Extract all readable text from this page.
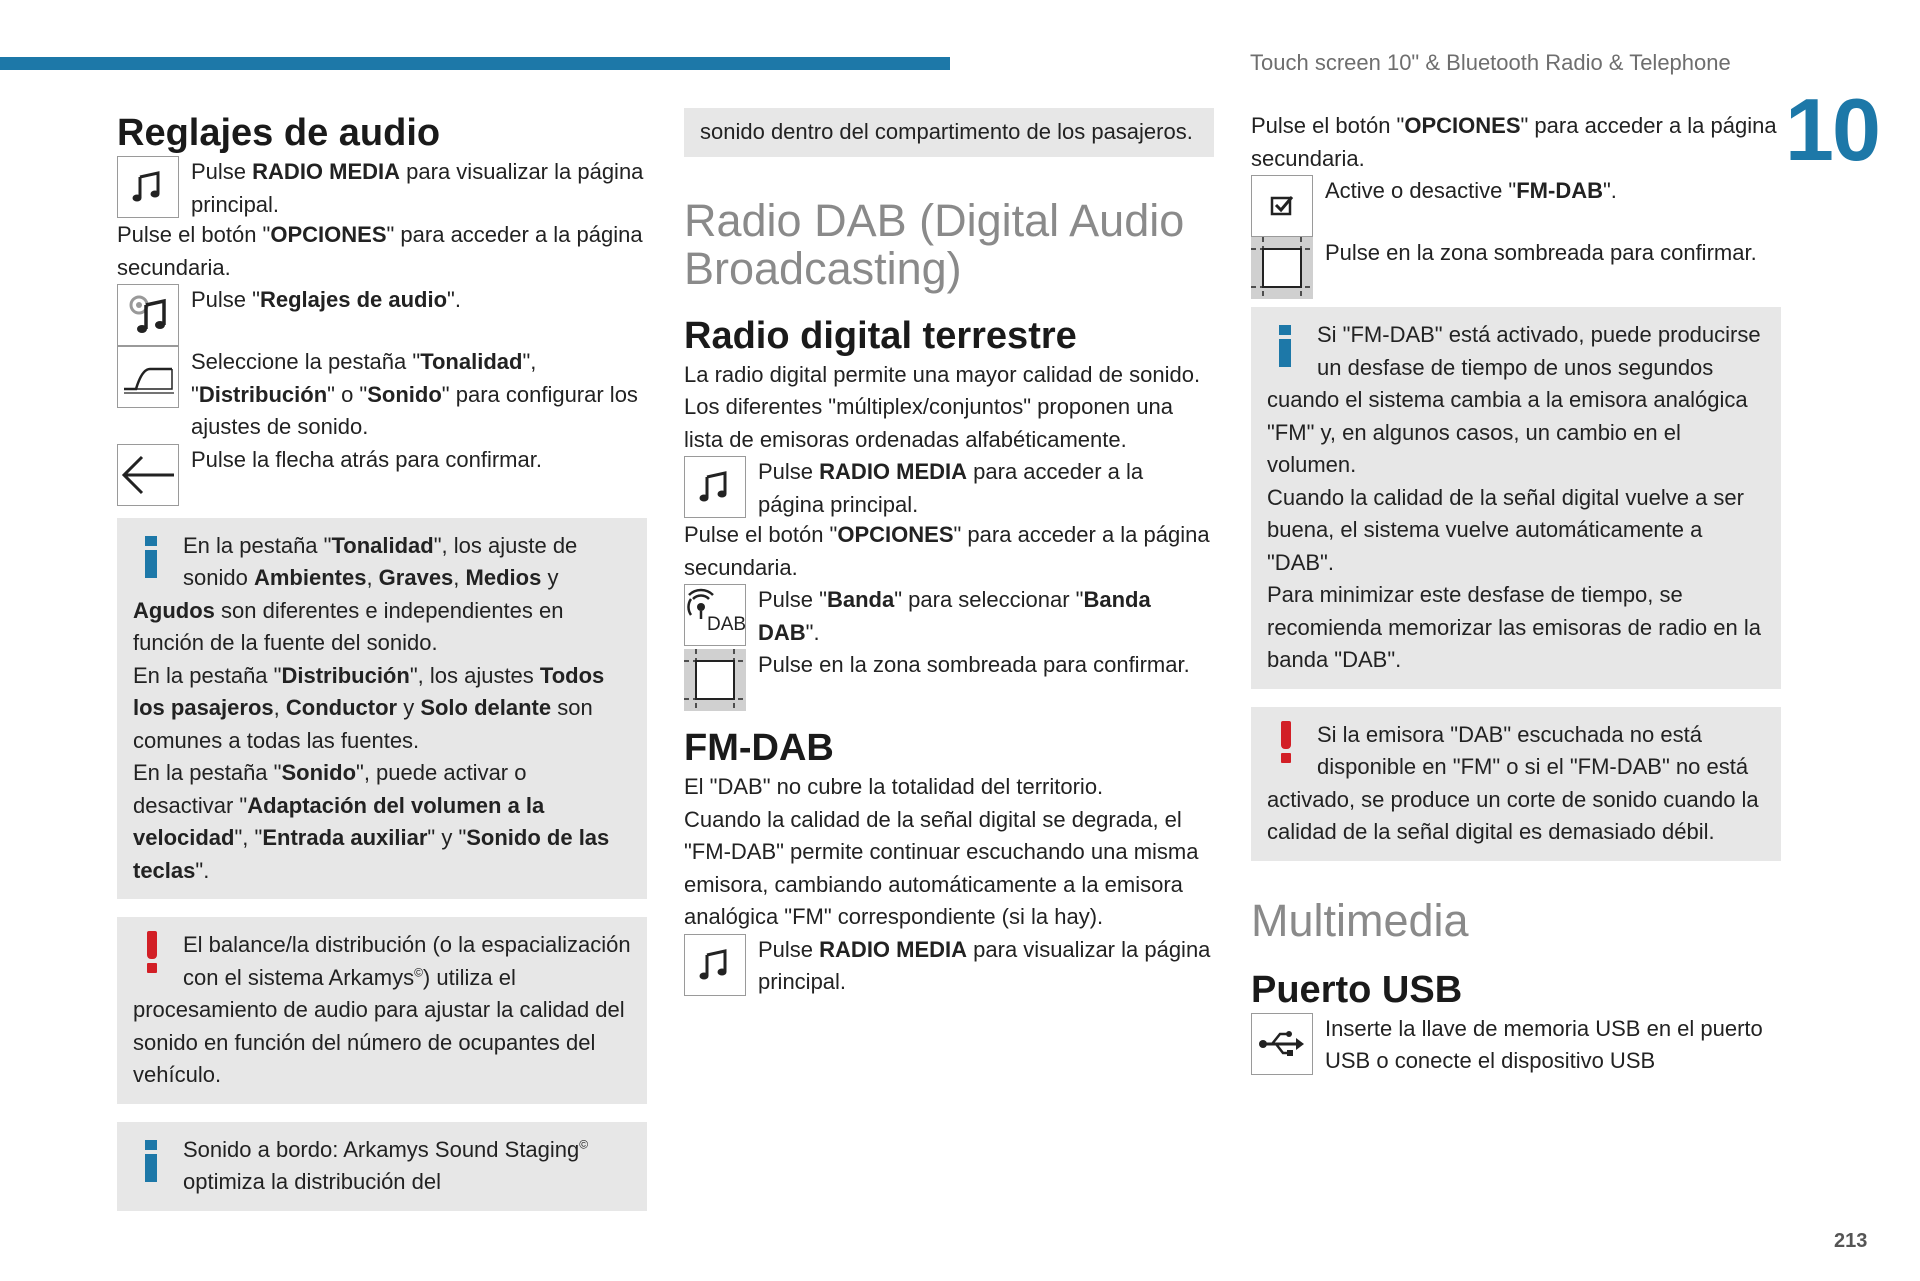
Touch screen 10" & Bluetooth Radio & Telephone
10
Reglajes de audio

Pulse RADIO MEDIA para visualizar la página principal.

Pulse el botón "OPCIONES" para acceder a la página secundaria.

Pulse "Reglajes de audio".

Seleccione la pestaña "Tonalidad", "Distribución" o "Sonido" para configurar los ajustes de sonido.

Pulse la flecha atrás para confirmar.

En la pestaña "Tonalidad", los ajuste de sonido Ambientes, Graves, Medios y Agudos son diferentes e independientes en función de la fuente del sonido.

En la pestaña "Distribución", los ajustes Todos los pasajeros, Conductor y Solo delante son comunes a todas las fuentes.

En la pestaña "Sonido", puede activar o desactivar "Adaptación del volumen a la velocidad", "Entrada auxiliar" y "Sonido de las teclas".

El balance/la distribución (o la espacialización con el sistema Arkamys©) utiliza el procesamiento de audio para ajustar la calidad del sonido en función del número de ocupantes del vehículo.

Sonido a bordo: Arkamys Sound Staging© optimiza la distribución del

sonido dentro del compartimento de los pasajeros.

Radio DAB (Digital Audio Broadcasting)
Radio digital terrestre

La radio digital permite una mayor calidad de sonido.

Los diferentes "múltiplex/conjuntos" proponen una lista de emisoras ordenadas alfabéticamente.

Pulse RADIO MEDIA para acceder a la página principal.

Pulse el botón "OPCIONES" para acceder a la página secundaria.

DAB

Pulse "Banda" para seleccionar "Banda DAB".

Pulse en la zona sombreada para confirmar.

FM-DAB

El "DAB" no cubre la totalidad del territorio.

Cuando la calidad de la señal digital se degrada, el "FM-DAB" permite continuar escuchando una misma emisora, cambiando automáticamente a la emisora analógica "FM" correspondiente (si la hay).

Pulse RADIO MEDIA para visualizar la página principal.

Pulse el botón "OPCIONES" para acceder a la página secundaria.

Active o desactive "FM-DAB".

Pulse en la zona sombreada para confirmar.

Si "FM-DAB" está activado, puede producirse un desfase de tiempo de unos segundos cuando el sistema cambia a la emisora analógica "FM" y, en algunos casos, un cambio en el volumen.

Cuando la calidad de la señal digital vuelve a ser buena, el sistema vuelve automáticamente a "DAB".

Para minimizar este desfase de tiempo, se recomienda memorizar las emisoras de radio en la banda "DAB".

Si la emisora "DAB" escuchada no está disponible en "FM" o si el "FM-DAB" no está activado, se produce un corte de sonido cuando la calidad de la señal digital es demasiado débil.

Multimedia
Puerto USB

Inserte la llave de memoria USB en el puerto USB o conecte el dispositivo USB

213
